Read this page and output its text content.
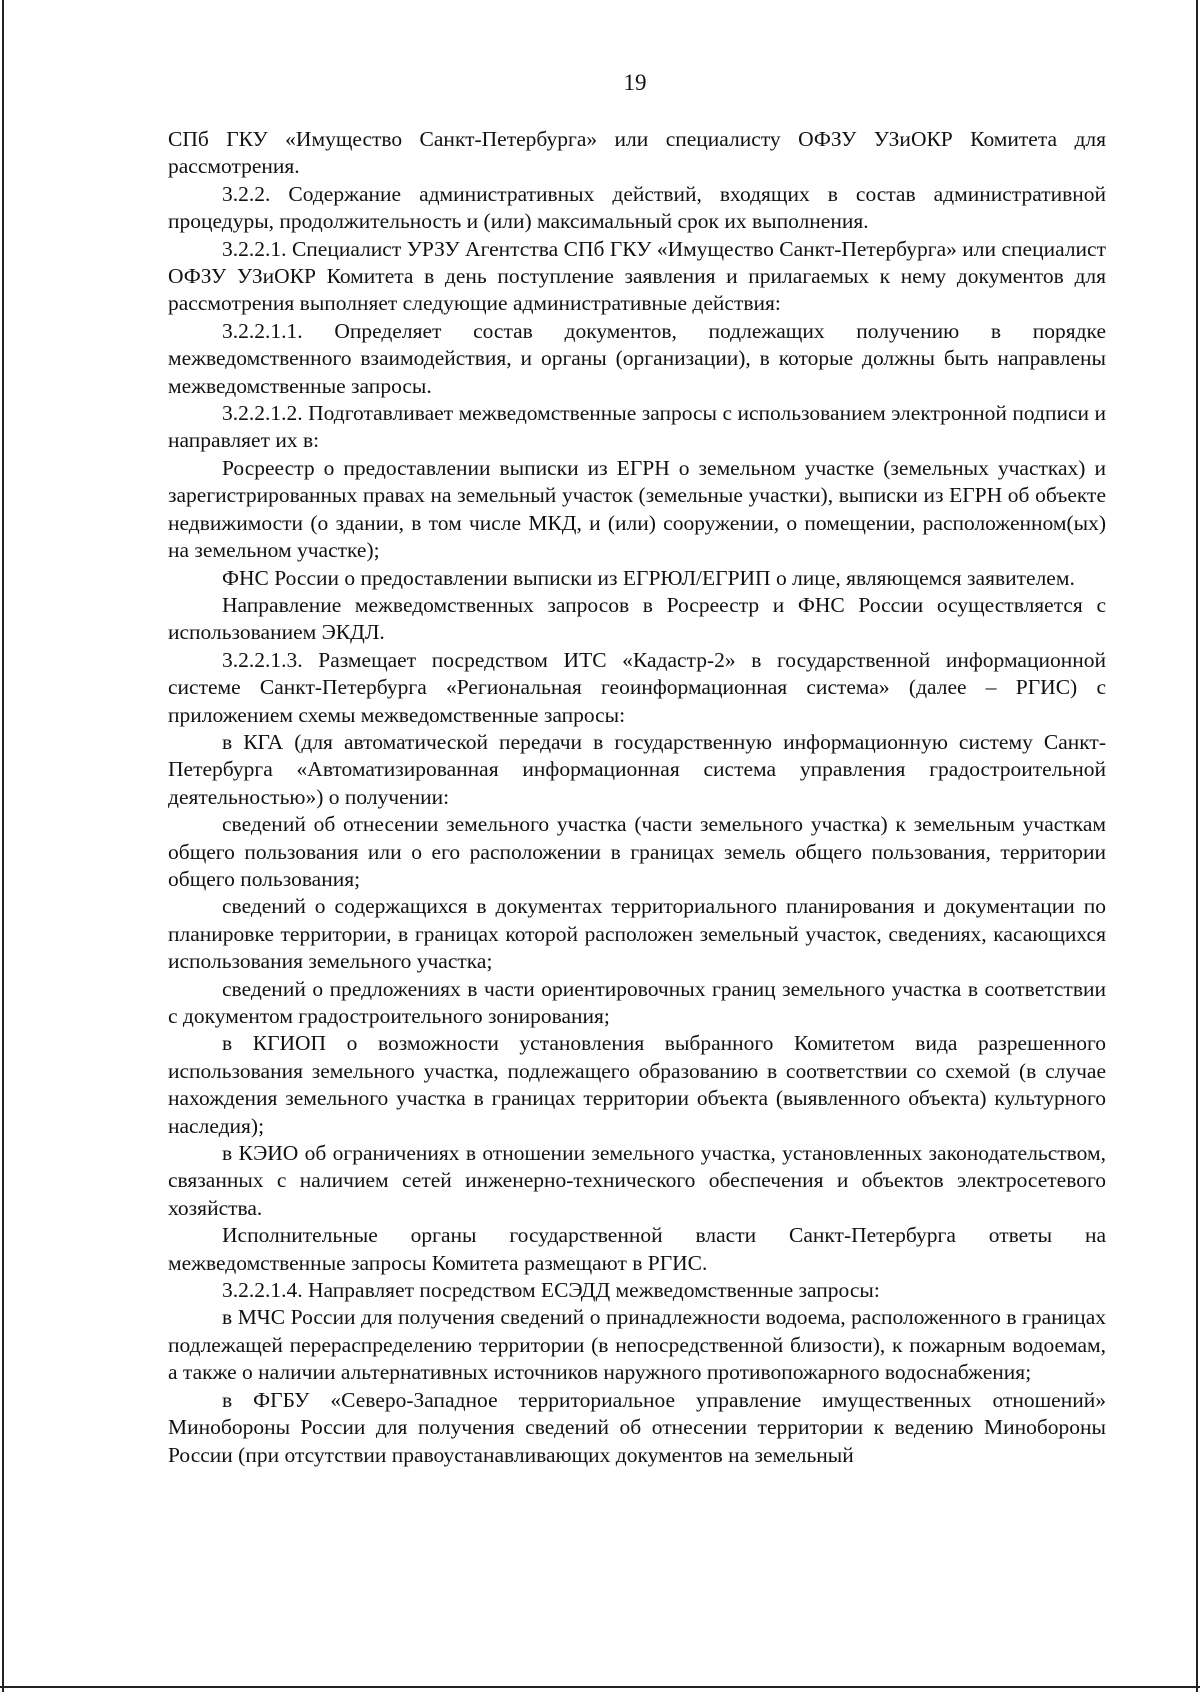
19

СПб ГКУ «Имущество Санкт-Петербурга» или специалисту ОФЗУ УЗиОКР Комитета для рассмотрения.

3.2.2. Содержание административных действий, входящих в состав административной процедуры, продолжительность и (или) максимальный срок их выполнения.

3.2.2.1. Специалист УРЗУ Агентства СПб ГКУ «Имущество Санкт-Петербурга» или специалист ОФЗУ УЗиОКР Комитета в день поступление заявления и прилагаемых к нему документов для рассмотрения выполняет следующие административные действия:

3.2.2.1.1. Определяет состав документов, подлежащих получению в порядке межведомственного взаимодействия, и органы (организации), в которые должны быть направлены межведомственные запросы.

3.2.2.1.2. Подготавливает межведомственные запросы с использованием электронной подписи и направляет их в:

Росреестр о предоставлении выписки из ЕГРН о земельном участке (земельных участках) и зарегистрированных правах на земельный участок (земельные участки), выписки из ЕГРН об объекте недвижимости (о здании, в том числе МКД, и (или) сооружении, о помещении, расположенном(ых) на земельном участке);

ФНС России о предоставлении выписки из ЕГРЮЛ/ЕГРИП о лице, являющемся заявителем.

Направление межведомственных запросов в Росреестр и ФНС России осуществляется с использованием ЭКДЛ.

3.2.2.1.3. Размещает посредством ИТС «Кадастр-2» в государственной информационной системе Санкт-Петербурга «Региональная геоинформационная система» (далее – РГИС) с приложением схемы межведомственные запросы:

в КГА (для автоматической передачи в государственную информационную систему Санкт-Петербурга «Автоматизированная информационная система управления градостроительной деятельностью») о получении:

сведений об отнесении земельного участка (части земельного участка) к земельным участкам общего пользования или о его расположении в границах земель общего пользования, территории общего пользования;

сведений о содержащихся в документах территориального планирования и документации по планировке территории, в границах которой расположен земельный участок, сведениях, касающихся использования земельного участка;

сведений о предложениях в части ориентировочных границ земельного участка в соответствии с документом градостроительного зонирования;

в КГИОП о возможности установления выбранного Комитетом вида разрешенного использования земельного участка, подлежащего образованию в соответствии со схемой (в случае нахождения земельного участка в границах территории объекта (выявленного объекта) культурного наследия);

в КЭИО об ограничениях в отношении земельного участка, установленных законодательством, связанных с наличием сетей инженерно-технического обеспечения и объектов электросетевого хозяйства.

Исполнительные органы государственной власти Санкт-Петербурга ответы на межведомственные запросы Комитета размещают в РГИС.

3.2.2.1.4. Направляет посредством ЕСЭДД межведомственные запросы:

в МЧС России для получения сведений о принадлежности водоема, расположенного в границах подлежащей перераспределению территории (в непосредственной близости), к пожарным водоемам, а также о наличии альтернативных источников наружного противопожарного водоснабжения;

в ФГБУ «Северо-Западное территориальное управление имущественных отношений» Минобороны России для получения сведений об отнесении территории к ведению Минобороны России (при отсутствии правоустанавливающих документов на земельный
